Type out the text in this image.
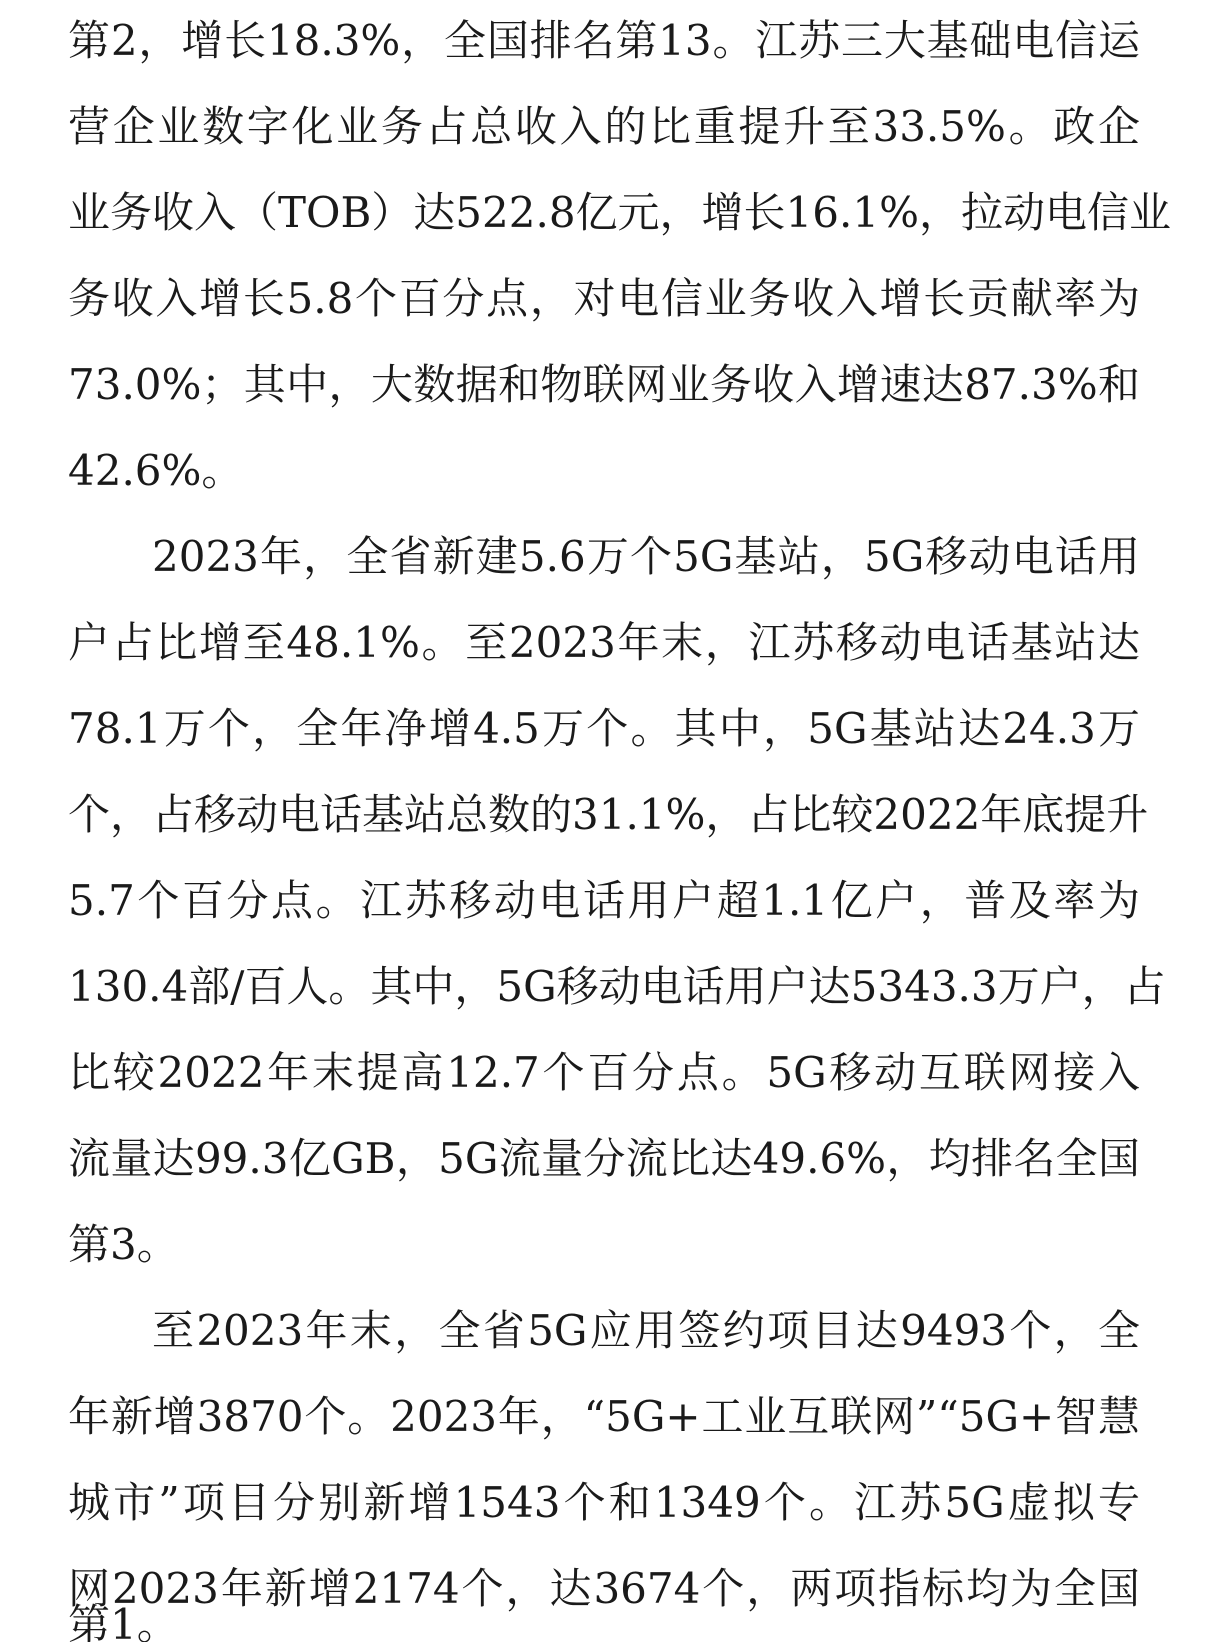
第2，增长18.3%，全国排名第13。江苏三大基础电信运
营企业数字化业务占总收入的比重提升至33.5%。政企
业务收入（TOB）达522.8亿元，增长16.1%，拉动电信业
务收入增长5.8个百分点，对电信业务收入增长贡献率为
73.0%；其中，大数据和物联网业务收入增速达87.3%和
42.6%。
2023年，全省新建5.6万个5G基站，5G移动电话用
户占比增至48.1%。至2023年末，江苏移动电话基站达
78.1万个，全年净增4.5万个。其中，5G基站达24.3万
个，占移动电话基站总数的31.1%，占比较2022年底提升
5.7个百分点。江苏移动电话用户超1.1亿户，普及率为
130.4部/百人。其中，5G移动电话用户达5343.3万户，占
比较2022年末提高12.7个百分点。5G移动互联网接入
流量达99.3亿GB，5G流量分流比达49.6%，均排名全国
第3。
至2023年末，全省5G应用签约项目达9493个，全
年新增3870个。2023年，“5G+工业互联网”“5G+智慧
城市”项目分别新增1543个和1349个。江苏5G虚拟专
网2023年新增2174个，达3674个，两项指标均为全国
第1。
